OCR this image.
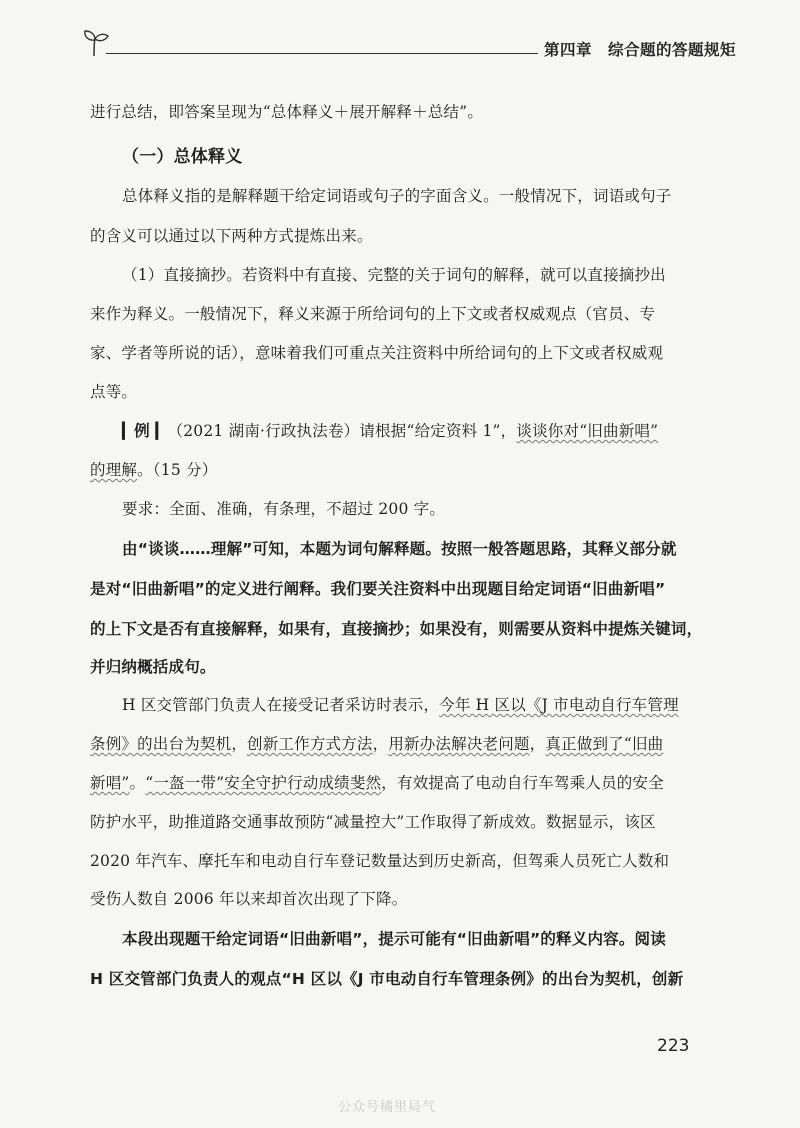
第四章 综合题的答题规矩
进行总结，即答案呈现为“总体释义＋展开解释＋总结”。
（一）总体释义
总体释义指的是解释题干给定词语或句子的字面含义。一般情况下，词语或句子
的含义可以通过以下两种方式提炼出来。
（1）直接摘抄。若资料中有直接、完整的关于词句的解释，就可以直接摘抄出
来作为释义。一般情况下，释义来源于所给词句的上下文或者权威观点（官员、专
家、学者等所说的话），意味着我们可重点关注资料中所给词句的上下文或者权威观
点等。
▎例 ▎（2021 湖南·行政执法卷）请根据“给定资料 1”，谈谈你对“旧曲新唱”
的理解。（15 分）
要求：全面、准确，有条理，不超过 200 字。
由“谈谈……理解”可知，本题为词句解释题。按照一般答题思路，其释义部分就
是对“旧曲新唱”的定义进行阐释。我们要关注资料中出现题目给定词语“旧曲新唱”
的上下文是否有直接解释，如果有，直接摘抄；如果没有，则需要从资料中提炼关键词，
并归纳概括成句。
H 区交管部门负责人在接受记者采访时表示，今年 H 区以《J 市电动自行车管理
条例》的出台为契机，创新工作方式方法，用新办法解决老问题，真正做到了“旧曲
新唱”。“一盔一带”安全守护行动成绩斐然，有效提高了电动自行车驾乘人员的安全
防护水平，助推道路交通事故预防“减量控大”工作取得了新成效。数据显示，该区
2020 年汽车、摩托车和电动自行车登记数量达到历史新高，但驾乘人员死亡人数和
受伤人数自 2006 年以来却首次出现了下降。
本段出现题干给定词语“旧曲新唱”，提示可能有“旧曲新唱”的释义内容。阅读
H 区交管部门负责人的观点“H 区以《J 市电动自行车管理条例》的出台为契机，创新
223
公众号橘里局气
